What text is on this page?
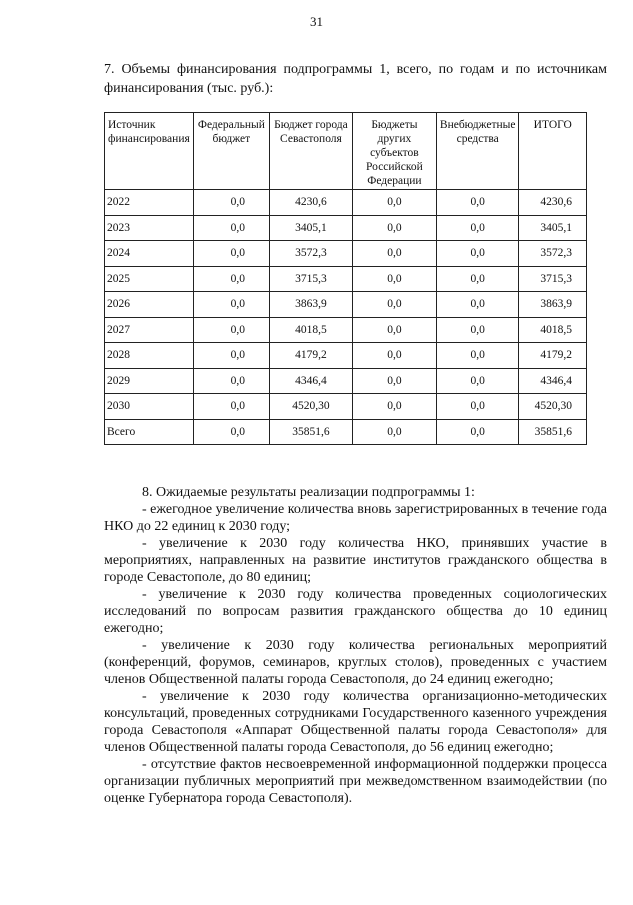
31
7. Объемы финансирования подпрограммы 1, всего, по годам и по источникам финансирования (тыс. руб.):
Источник финансирования	Федеральный бюджет	Бюджет города Севастополя	Бюджеты других субъектов Российской Федерации	Внебюджетные средства	ИТОГО
2022	0,0	4230,6	0,0	0,0	4230,6
2023	0,0	3405,1	0,0	0,0	3405,1
2024	0,0	3572,3	0,0	0,0	3572,3
2025	0,0	3715,3	0,0	0,0	3715,3
2026	0,0	3863,9	0,0	0,0	3863,9
2027	0,0	4018,5	0,0	0,0	4018,5
2028	0,0	4179,2	0,0	0,0	4179,2
2029	0,0	4346,4	0,0	0,0	4346,4
2030	0,0	4520,30	0,0	0,0	4520,30
Всего	0,0	35851,6	0,0	0,0	35851,6

8. Ожидаемые результаты реализации подпрограммы 1:

- ежегодное увеличение количества вновь зарегистрированных в течение года НКО до 22 единиц к 2030 году;

- увеличение к 2030 году количества НКО, принявших участие в мероприятиях, направленных на развитие институтов гражданского общества в городе Севастополе, до 80 единиц;

- увеличение к 2030 году количества проведенных социологических исследований по вопросам развития гражданского общества до 10 единиц ежегодно;

- увеличение к 2030 году количества региональных мероприятий (конференций, форумов, семинаров, круглых столов), проведенных с участием членов Общественной палаты города Севастополя, до 24 единиц ежегодно;

- увеличение к 2030 году количества организационно-методических консультаций, проведенных сотрудниками Государственного казенного учреждения города Севастополя «Аппарат Общественной палаты города Севастополя» для членов Общественной палаты города Севастополя, до 56 единиц ежегодно;

- отсутствие фактов несвоевременной информационной поддержки процесса организации публичных мероприятий при межведомственном взаимодействии (по оценке Губернатора города Севастополя).
